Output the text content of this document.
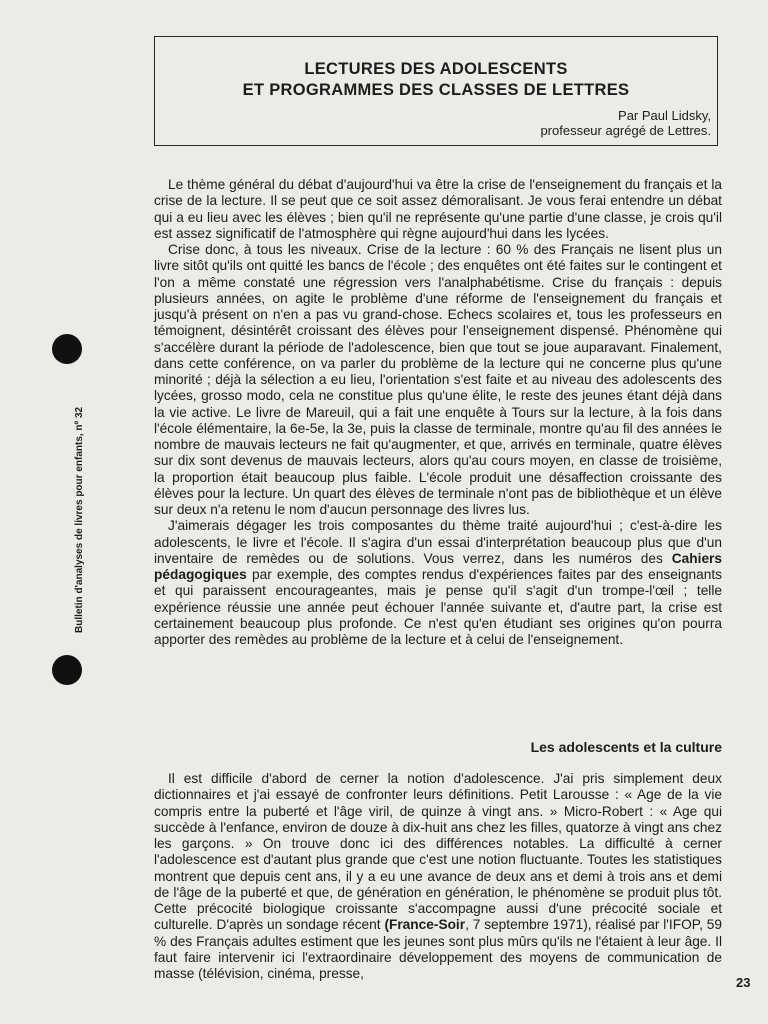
LECTURES DES ADOLESCENTS
ET PROGRAMMES DES CLASSES DE LETTRES
Par Paul Lidsky,
professeur agrégé de Lettres.
Bulletin d'analyses de livres pour enfants, nº 32

Le thème général du débat d'aujourd'hui va être la crise de l'enseignement du français et la crise de la lecture. Il se peut que ce soit assez démoralisant. Je vous ferai entendre un débat qui a eu lieu avec les élèves ; bien qu'il ne représente qu'une partie d'une classe, je crois qu'il est assez significatif de l'atmosphère qui règne aujourd'hui dans les lycées.

Crise donc, à tous les niveaux. Crise de la lecture : 60 % des Français ne lisent plus un livre sitôt qu'ils ont quitté les bancs de l'école ; des enquêtes ont été faites sur le contingent et l'on a même constaté une régression vers l'analphabétisme. Crise du français : depuis plusieurs années, on agite le problème d'une réforme de l'enseignement du français et jusqu'à présent on n'en a pas vu grand-chose. Echecs scolaires et, tous les professeurs en témoignent, désintérêt croissant des élèves pour l'enseignement dispensé. Phénomène qui s'accélère durant la période de l'adolescence, bien que tout se joue auparavant. Finalement, dans cette conférence, on va parler du problème de la lecture qui ne concerne plus qu'une minorité ; déjà la sélection a eu lieu, l'orientation s'est faite et au niveau des adolescents des lycées, grosso modo, cela ne constitue plus qu'une élite, le reste des jeunes étant déjà dans la vie active. Le livre de Mareuil, qui a fait une enquête à Tours sur la lecture, à la fois dans l'école élémentaire, la 6e-5e, la 3e, puis la classe de terminale, montre qu'au fil des années le nombre de mauvais lecteurs ne fait qu'augmenter, et que, arrivés en terminale, quatre élèves sur dix sont devenus de mauvais lecteurs, alors qu'au cours moyen, en classe de troisième, la proportion était beaucoup plus faible. L'école produit une désaffection croissante des élèves pour la lecture. Un quart des élèves de terminale n'ont pas de bibliothèque et un élève sur deux n'a retenu le nom d'aucun personnage des livres lus.

J'aimerais dégager les trois composantes du thème traité aujourd'hui ; c'est-à-dire les adolescents, le livre et l'école. Il s'agira d'un essai d'interprétation beaucoup plus que d'un inventaire de remèdes ou de solutions. Vous verrez, dans les numéros des Cahiers pédagogiques par exemple, des comptes rendus d'expériences faites par des enseignants et qui paraissent encourageantes, mais je pense qu'il s'agit d'un trompe-l'œil ; telle expérience réussie une année peut échouer l'année suivante et, d'autre part, la crise est certainement beaucoup plus profonde. Ce n'est qu'en étudiant ses origines qu'on pourra apporter des remèdes au problème de la lecture et à celui de l'enseignement.

Les adolescents et la culture

Il est difficile d'abord de cerner la notion d'adolescence. J'ai pris simplement deux dictionnaires et j'ai essayé de confronter leurs définitions. Petit Larousse : « Age de la vie compris entre la puberté et l'âge viril, de quinze à vingt ans. » Micro-Robert : « Age qui succède à l'enfance, environ de douze à dix-huit ans chez les filles, quatorze à vingt ans chez les garçons. » On trouve donc ici des différences notables. La difficulté à cerner l'adolescence est d'autant plus grande que c'est une notion fluctuante. Toutes les statistiques montrent que depuis cent ans, il y a eu une avance de deux ans et demi à trois ans et demi de l'âge de la puberté et que, de génération en génération, le phénomène se produit plus tôt. Cette précocité biologique croissante s'accompagne aussi d'une précocité sociale et culturelle. D'après un sondage récent (France-Soir, 7 septembre 1971), réalisé par l'IFOP, 59 % des Français adultes estiment que les jeunes sont plus mûrs qu'ils ne l'étaient à leur âge. Il faut faire intervenir ici l'extraordinaire développement des moyens de communication de masse (télévision, cinéma, presse,

23
